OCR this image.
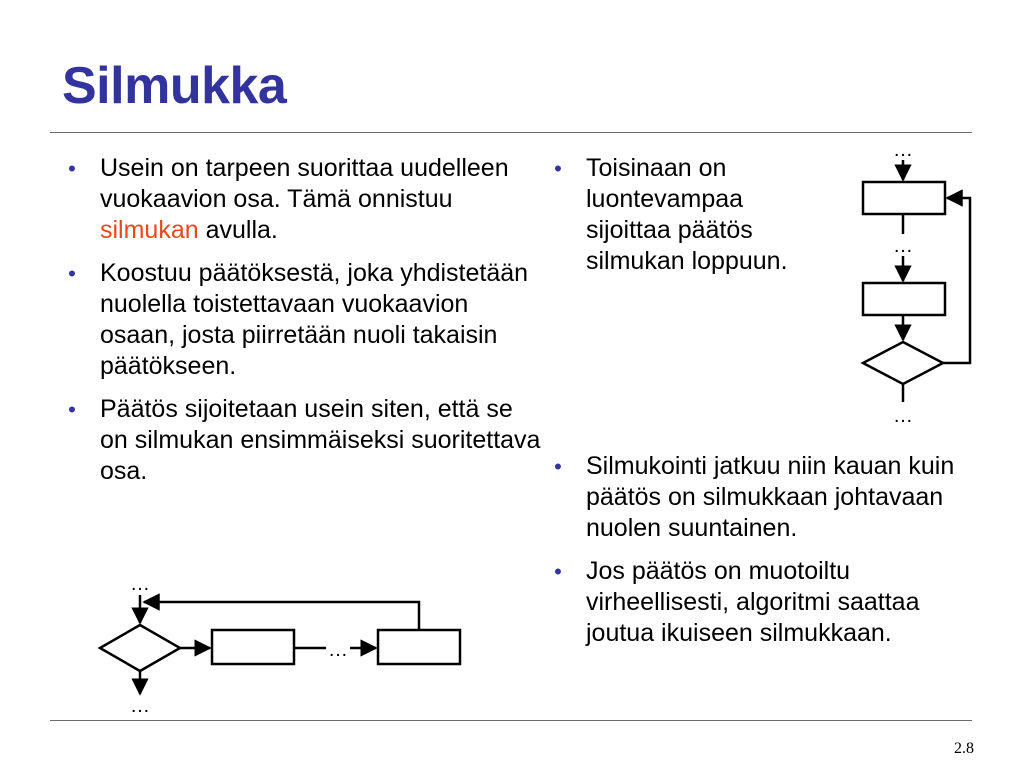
Silmukka
• Usein on tarpeen suorittaa uudelleen vuokaavion osa. Tämä onnistuu silmukan avulla.
• Koostuu päätöksestä, joka yhdistetään nuolella toistettavaan vuokaavion osaan, josta piirretään nuoli takaisin päätökseen.
• Päätös sijoitetaan usein siten, että se on silmukan ensimmäiseksi suoritettava osa.
• Toisinaan on luontevampaa sijoittaa päätös silmukan loppuun.
• Silmukointi jatkuu niin kauan kuin päätös on silmukkaan johtavaan nuolen suuntainen.
• Jos päätös on muotoiltu virheellisesti, algoritmi saattaa joutua ikuiseen silmukkaan.
…
…
…
…
…
…
2.8
